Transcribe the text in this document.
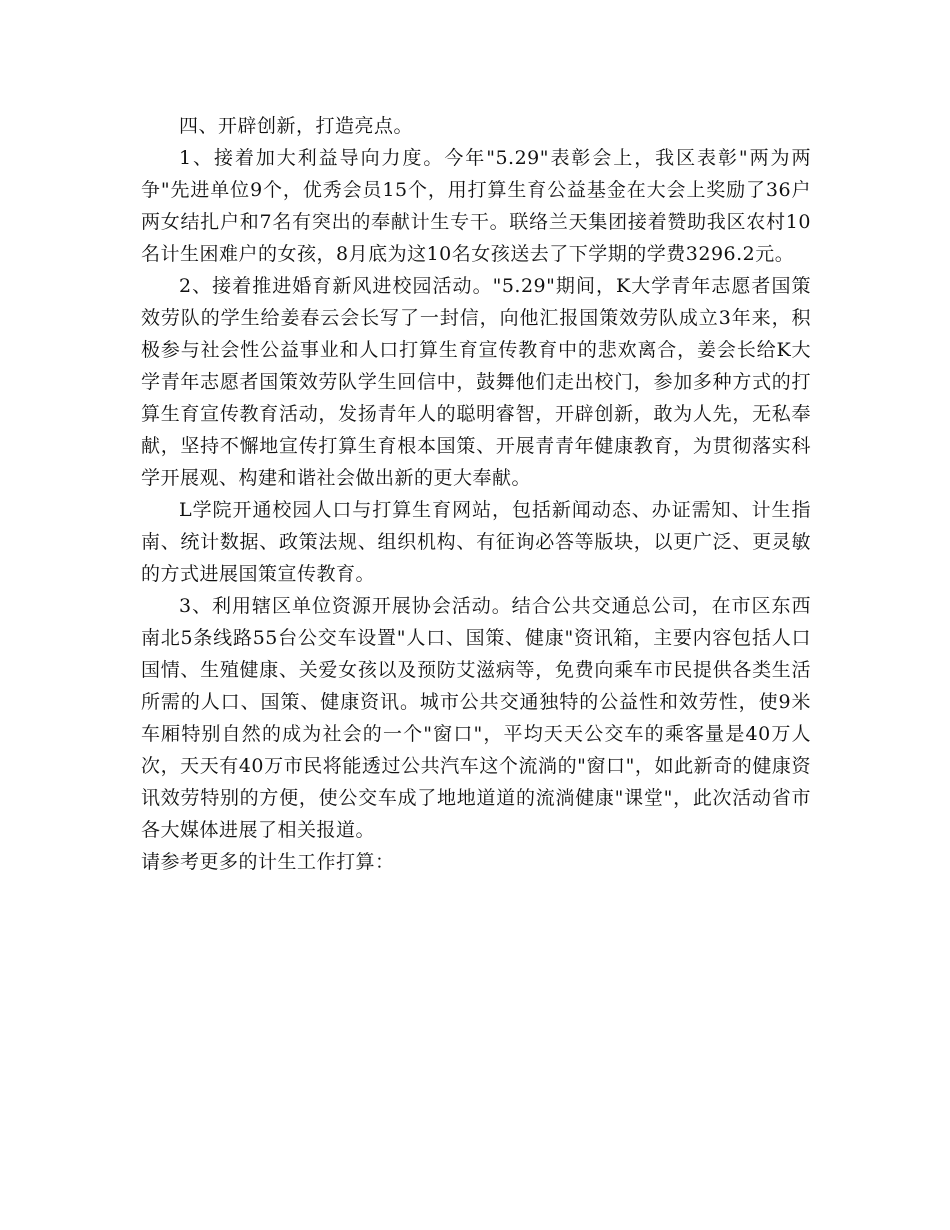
四、开辟创新，打造亮点。

1、接着加大利益导向力度。今年"5.29"表彰会上，我区表彰"两为两争"先进单位9个，优秀会员15个，用打算生育公益基金在大会上奖励了36户两女结扎户和7名有突出的奉献计生专干。联络兰天集团接着赞助我区农村10名计生困难户的女孩，8月底为这10名女孩送去了下学期的学费3296.2元。

2、接着推进婚育新风进校园活动。"5.29"期间，K大学青年志愿者国策效劳队的学生给姜春云会长写了一封信，向他汇报国策效劳队成立3年来，积极参与社会性公益事业和人口打算生育宣传教育中的悲欢离合，姜会长给K大学青年志愿者国策效劳队学生回信中，鼓舞他们走出校门，参加多种方式的打算生育宣传教育活动，发扬青年人的聪明睿智，开辟创新，敢为人先，无私奉献，坚持不懈地宣传打算生育根本国策、开展青青年健康教育，为贯彻落实科学开展观、构建和谐社会做出新的更大奉献。

L学院开通校园人口与打算生育网站，包括新闻动态、办证需知、计生指南、统计数据、政策法规、组织机构、有征询必答等版块，以更广泛、更灵敏的方式进展国策宣传教育。

3、利用辖区单位资源开展协会活动。结合公共交通总公司，在市区东西南北5条线路55台公交车设置"人口、国策、健康"资讯箱，主要内容包括人口国情、生殖健康、关爱女孩以及预防艾滋病等，免费向乘车市民提供各类生活所需的人口、国策、健康资讯。城市公共交通独特的公益性和效劳性，使9米车厢特别自然的成为社会的一个"窗口"，平均天天公交车的乘客量是40万人次，天天有40万市民将能透过公共汽车这个流淌的"窗口"，如此新奇的健康资讯效劳特别的方便，使公交车成了地地道道的流淌健康"课堂"，此次活动省市各大媒体进展了相关报道。

请参考更多的计生工作打算：
